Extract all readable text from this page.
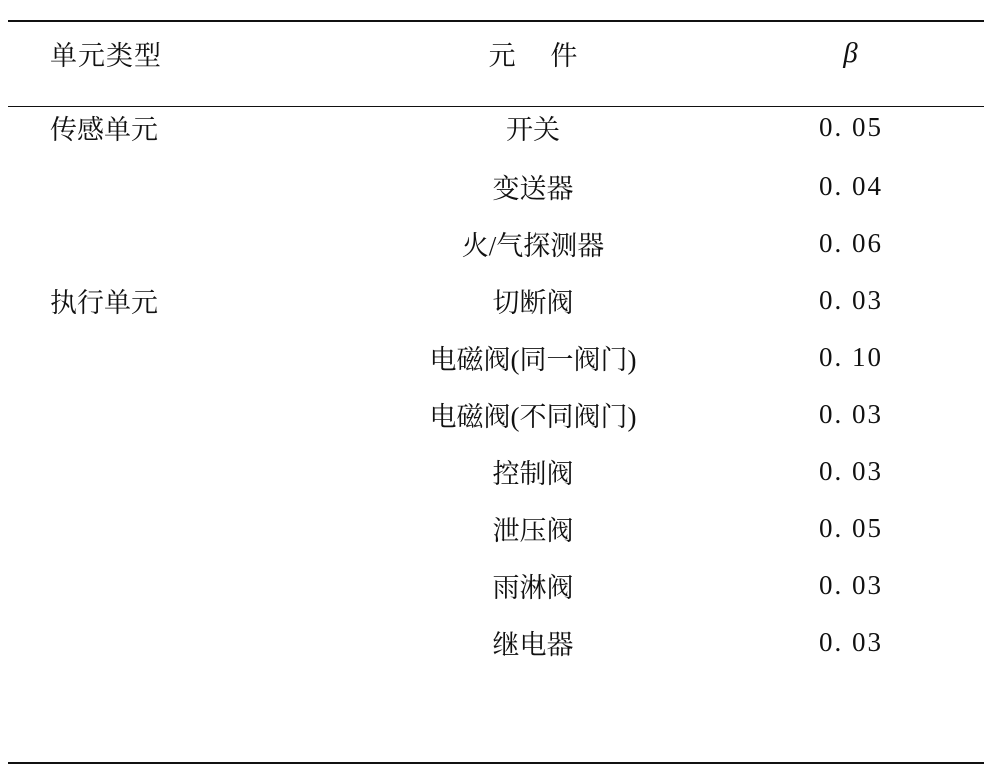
单元类型	元 件	β
传感单元	开关	0. 05
	变送器	0. 04
	火/气探测器	0. 06
执行单元	切断阀	0. 03
	电磁阀(同一阀门)	0. 10
	电磁阀(不同阀门)	0. 03
	控制阀	0. 03
	泄压阀	0. 05
	雨淋阀	0. 03
	继电器	0. 03
